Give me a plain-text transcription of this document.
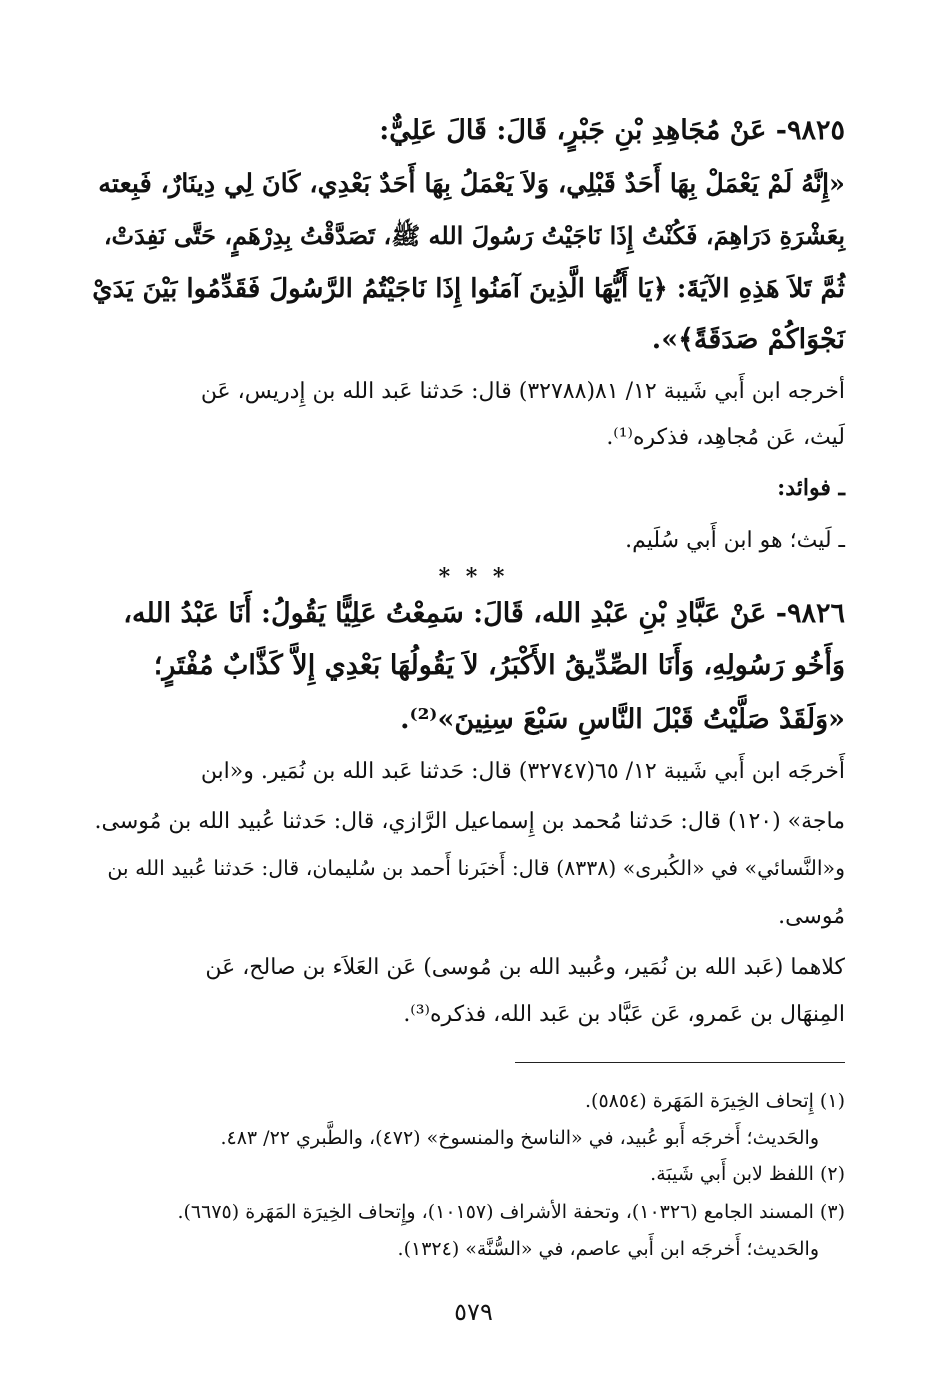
٩٨٢٥- عَنْ مُجَاهِدِ بْنِ جَبْرٍ، قَالَ: قَالَ عَلِيٌّ:
«إِنَّهُ لَمْ يَعْمَلْ بِهَا أَحَدٌ قَبْلِي، وَلاَ يَعْمَلُ بِهَا أَحَدٌ بَعْدِي، كَانَ لِي دِينَارٌ، فَبِعته
بِعَشْرَةِ دَرَاهِمَ، فَكُنْتُ إِذَا نَاجَيْتُ رَسُولَ الله ﷺ، تَصَدَّقْتُ بِدِرْهَمٍ، حَتَّى نَفِدَتْ،
ثُمَّ تَلاَ هَذِهِ الآيَةَ: ﴿يَا أَيُّهَا الَّذِينَ آمَنُوا إِذَا نَاجَيْتُمُ الرَّسُولَ فَقَدِّمُوا بَيْنَ يَدَيْ
نَجْوَاكُمْ صَدَقَةً﴾».
أخرجه ابن أَبي شَيبة ١٢/ ٨١(٣٢٧٨٨) قال: حَدثنا عَبد الله بن إِدريس، عَن
لَيث، عَن مُجاهِد، فذكره⁽¹⁾.
ـ فوائد:
ـ لَيث؛ هو ابن أَبي سُلَيم.
* * *
٩٨٢٦- عَنْ عَبَّادِ بْنِ عَبْدِ الله، قَالَ: سَمِعْتُ عَلِيًّا يَقُولُ: أَنَا عَبْدُ الله،
وَأَخُو رَسُولِهِ، وَأَنَا الصِّدِّيقُ الأَكْبَرُ، لاَ يَقُولُهَا بَعْدِي إِلاَّ كَذَّابٌ مُفْتَرٍ؛
«وَلَقَدْ صَلَّيْتُ قَبْلَ النَّاسِ سَبْعَ سِنِينَ»⁽²⁾.
أَخرجَه ابن أَبي شَيبة ١٢/ ٦٥(٣٢٧٤٧) قال: حَدثنا عَبد الله بن نُمَير. و«ابن
ماجة» (١٢٠) قال: حَدثنا مُحمد بن إِسماعيل الرَّازي، قال: حَدثنا عُبيد الله بن مُوسى.
و«النَّسائي» في «الكُبرى» (٨٣٣٨) قال: أَخبَرنا أَحمد بن سُليمان، قال: حَدثنا عُبيد الله بن
مُوسى.
كلاهما (عَبد الله بن نُمَير، وعُبيد الله بن مُوسى) عَن العَلاَء بن صالح، عَن
المِنهَال بن عَمرو، عَن عَبَّاد بن عَبد الله، فذكره⁽³⁾.
(١) إِتحاف الخِيرَة المَهَرة (٥٨٥٤).
والحَديث؛ أَخرجَه أَبو عُبيد، في «الناسخ والمنسوخ» (٤٧٢)، والطَّبري ٢٢/ ٤٨٣.
(٢) اللفظ لابن أَبي شَيبَة.
(٣) المسند الجامع (١٠٣٢٦)، وتحفة الأشراف (١٠١٥٧)، وإِتحاف الخِيرَة المَهَرة (٦٦٧٥).
والحَديث؛ أَخرجَه ابن أَبي عاصم، في «السُّنَّة» (١٣٢٤).
٥٧٩
